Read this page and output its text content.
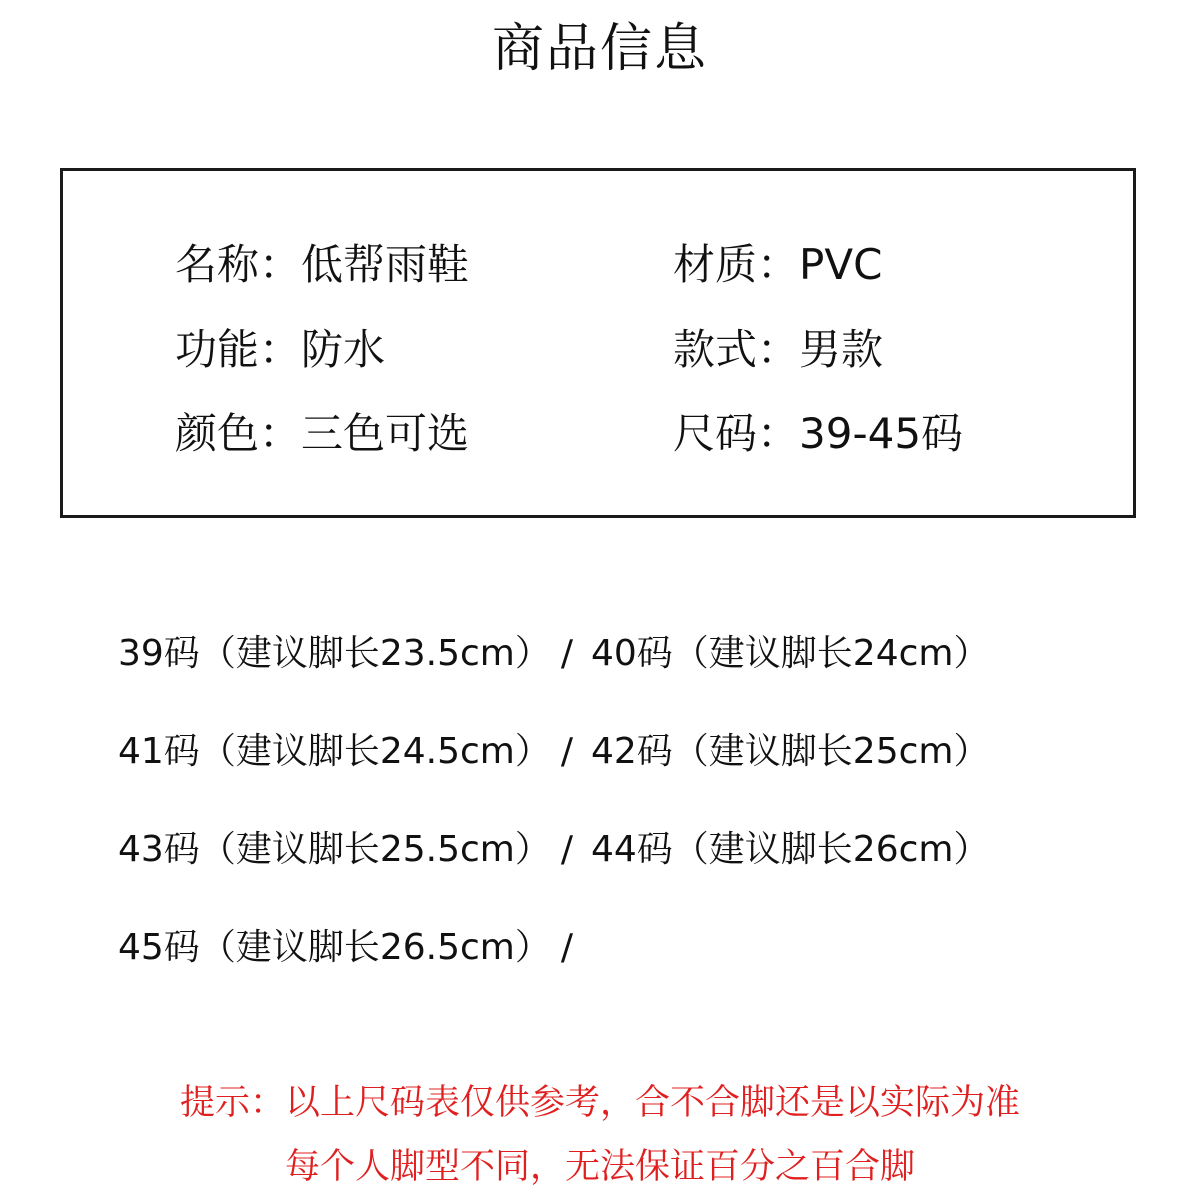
商品信息
名称：低帮雨鞋	材质：PVC
功能：防水	款式：男款
颜色：三色可选	尺码：39-45码
39码（建议脚长23.5cm） / 40码（建议脚长24cm）
41码（建议脚长24.5cm） / 42码（建议脚长25cm）
43码（建议脚长25.5cm） / 44码（建议脚长26cm）
45码（建议脚长26.5cm） /
提示：以上尺码表仅供参考，合不合脚还是以实际为准
每个人脚型不同，无法保证百分之百合脚
